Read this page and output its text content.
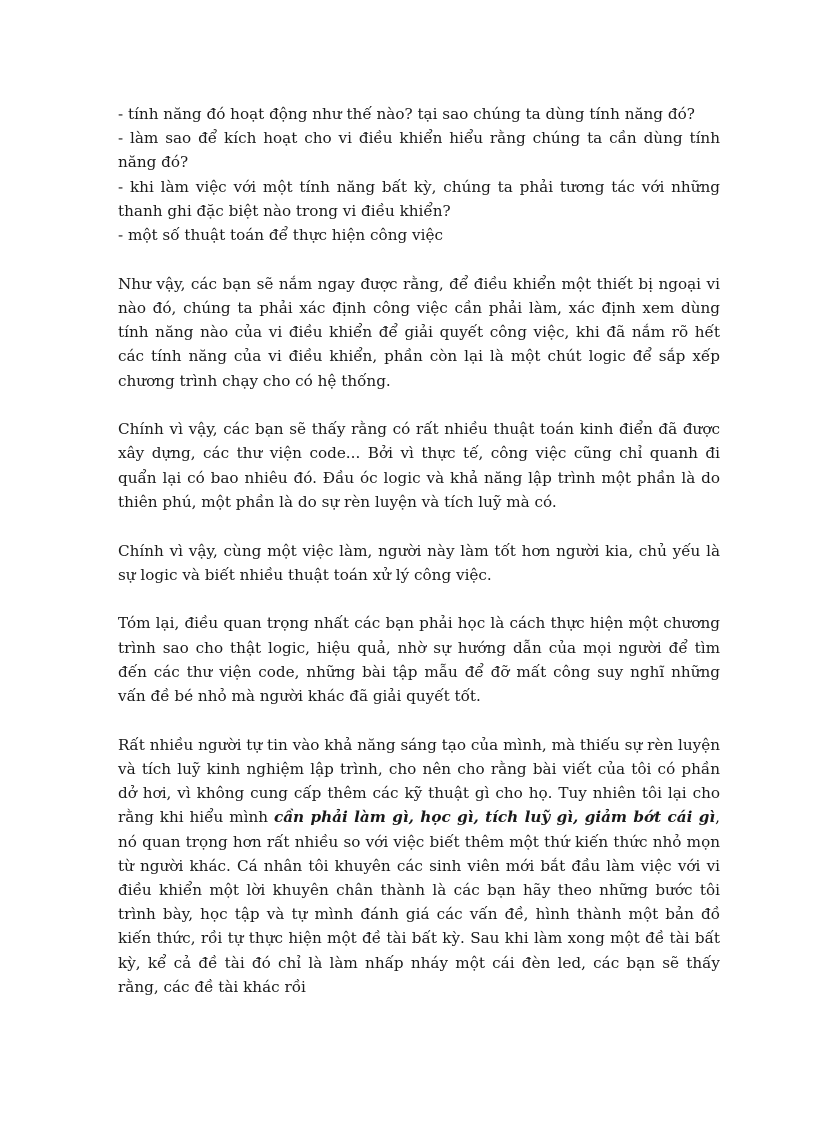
- tính năng đó hoạt động như thế nào? tại sao chúng ta dùng tính năng đó?

- làm sao để kích hoạt cho vi điều khiển hiểu rằng chúng ta cần dùng tính năng đó?

- khi làm việc với một tính năng bất kỳ, chúng ta phải tương tác với những thanh ghi đặc biệt nào trong vi điều khiển?

- một số thuật toán để thực hiện công việc

Như vậy, các bạn sẽ nắm ngay được rằng, để điều khiển một thiết bị ngoại vi nào đó, chúng ta phải xác định công việc cần phải làm, xác định xem dùng tính năng nào của vi điều khiển để giải quyết công việc, khi đã nắm rõ hết các tính năng của vi điều khiển, phần còn lại là một chút logic để sắp xếp chương trình chạy cho có hệ thống.

Chính vì vậy, các bạn sẽ thấy rằng có rất nhiều thuật toán kinh điển đã được xây dựng, các thư viện code... Bởi vì thực tế, công việc cũng chỉ quanh đi quẩn lại có bao nhiêu đó. Đầu óc logic và khả năng lập trình một phần là do thiên phú, một phần là do sự rèn luyện và tích luỹ mà có.

Chính vì vậy, cùng một việc làm, người này làm tốt hơn người kia, chủ yếu là sự logic và biết nhiều thuật toán xử lý công việc.

Tóm lại, điều quan trọng nhất các bạn phải học là cách thực hiện một chương trình sao cho thật logic, hiệu quả, nhờ sự hướng dẫn của mọi người để tìm đến các thư viện code, những bài tập mẫu để đỡ mất công suy nghĩ những vấn đề bé nhỏ mà người khác đã giải quyết tốt.

Rất nhiều người tự tin vào khả năng sáng tạo của mình, mà thiếu sự rèn luyện và tích luỹ kinh nghiệm lập trình, cho nên cho rằng bài viết của tôi có phần dở hơi, vì không cung cấp thêm các kỹ thuật gì cho họ. Tuy nhiên tôi lại cho rằng khi hiểu mình cần phải làm gì, học gì, tích luỹ gì, giảm bớt cái gì, nó quan trọng hơn rất nhiều so với việc biết thêm một thứ kiến thức nhỏ mọn từ người khác. Cá nhân tôi khuyên các sinh viên mới bắt đầu làm việc với vi điều khiển một lời khuyên chân thành là các bạn hãy theo những bước tôi trình bày, học tập và tự mình đánh giá các vấn đề, hình thành một bản đồ kiến thức, rồi tự thực hiện một đề tài bất kỳ. Sau khi làm xong một đề tài bất kỳ, kể cả đề tài đó chỉ là làm nhấp nháy một cái đèn led, các bạn sẽ thấy rằng, các đề tài khác rồi
